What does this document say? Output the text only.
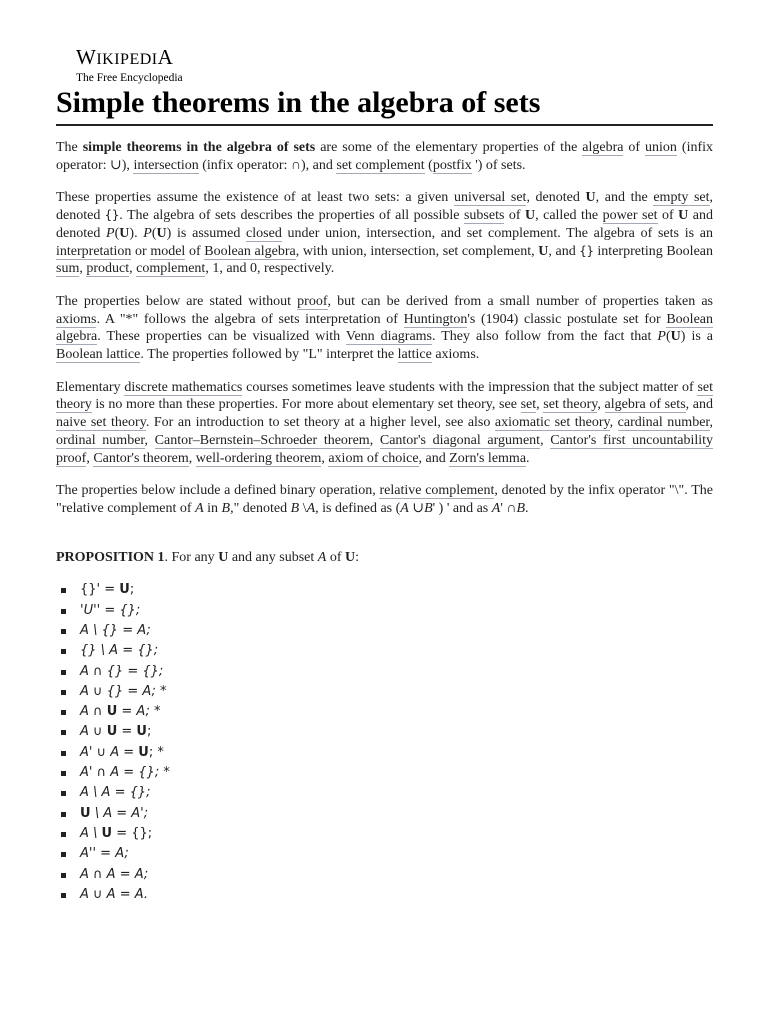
WIKIPEDIA
The Free Encyclopedia
Simple theorems in the algebra of sets

The simple theorems in the algebra of sets are some of the elementary properties of the algebra of union (infix operator: ∪), intersection (infix operator: ∩), and set complement (postfix ') of sets.

These properties assume the existence of at least two sets: a given universal set, denoted U, and the empty set, denoted {}. The algebra of sets describes the properties of all possible subsets of U, called the power set of U and denoted P(U). P(U) is assumed closed under union, intersection, and set complement. The algebra of sets is an interpretation or model of Boolean algebra, with union, intersection, set complement, U, and {} interpreting Boolean sum, product, complement, 1, and 0, respectively.

The properties below are stated without proof, but can be derived from a small number of properties taken as axioms. A "*" follows the algebra of sets interpretation of Huntington's (1904) classic postulate set for Boolean algebra. These properties can be visualized with Venn diagrams. They also follow from the fact that P(U) is a Boolean lattice. The properties followed by "L" interpret the lattice axioms.

Elementary discrete mathematics courses sometimes leave students with the impression that the subject matter of set theory is no more than these properties. For more about elementary set theory, see set, set theory, algebra of sets, and naive set theory. For an introduction to set theory at a higher level, see also axiomatic set theory, cardinal number, ordinal number, Cantor–Bernstein–Schroeder theorem, Cantor's diagonal argument, Cantor's first uncountability proof, Cantor's theorem, well-ordering theorem, axiom of choice, and Zorn's lemma.

The properties below include a defined binary operation, relative complement, denoted by the infix operator "\". The "relative complement of A in B," denoted B \A, is defined as (A ∪B' ) ' and as A' ∩B.

PROPOSITION 1. For any U and any subset A of U:

{}' = U;
'U'' = {};
A \ {} = A;
{} \ A = {};
A ∩ {} = {};
A ∪ {} = A; *
A ∩ U = A; *
A ∪ U = U;
A' ∪ A = U; *
A' ∩ A = {}; *
A \ A = {};
U \ A = A';
A \ U = {};
A'' = A;
A ∩ A = A;
A ∪ A = A.
